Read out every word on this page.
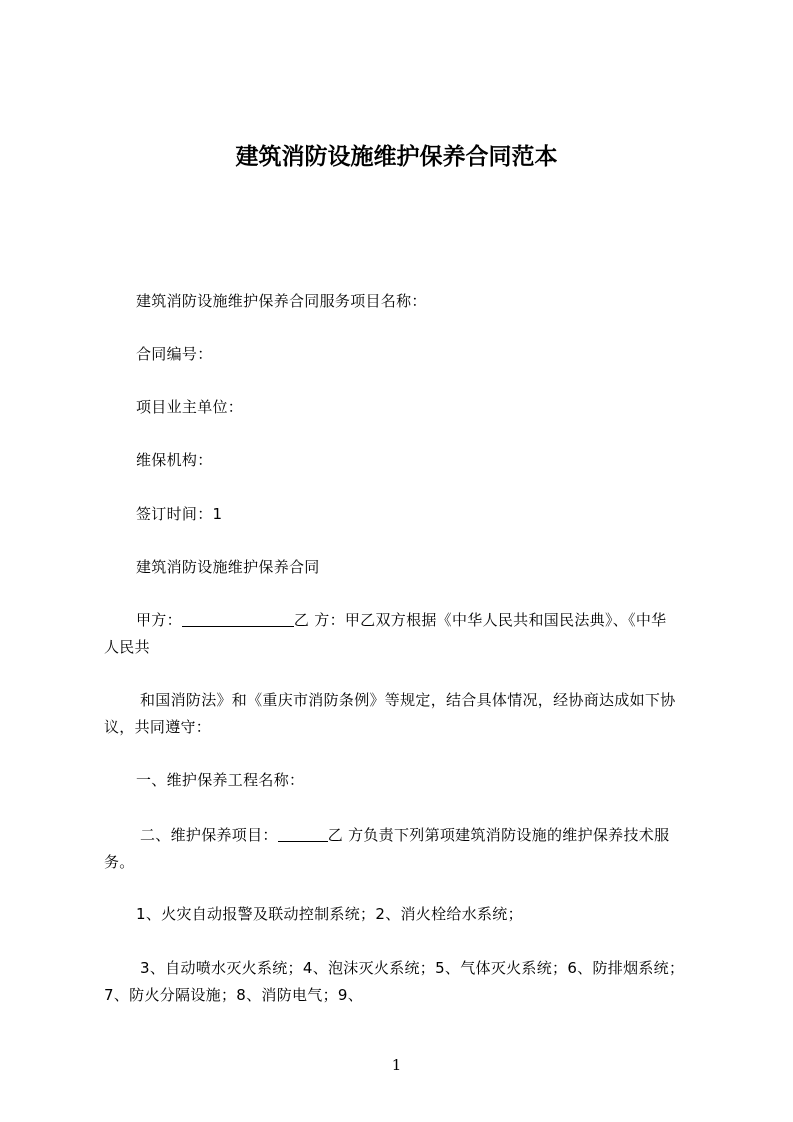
建筑消防设施维护保养合同范本
建筑消防设施维护保养合同服务项目名称：
合同编号：
项目业主单位：
维保机构：
签订时间：1
建筑消防设施维护保养合同
甲方：	乙 方：甲乙双方根据《中华人民共和国民法典》、《中华
人民共
和国消防法》和《重庆市消防条例》等规定，结合具体情况，经协商达成如下协
议，共同遵守：
一、维护保养工程名称：
二、维护保养项目：	乙 方负责下列第项建筑消防设施的维护保养技术服
务。
1、火灾自动报警及联动控制系统；2、消火栓给水系统；
3、自动喷水灭火系统；4、泡沫灭火系统；5、气体灭火系统；6、防排烟系统；
7、防火分隔设施；8、消防电气；9、
1
